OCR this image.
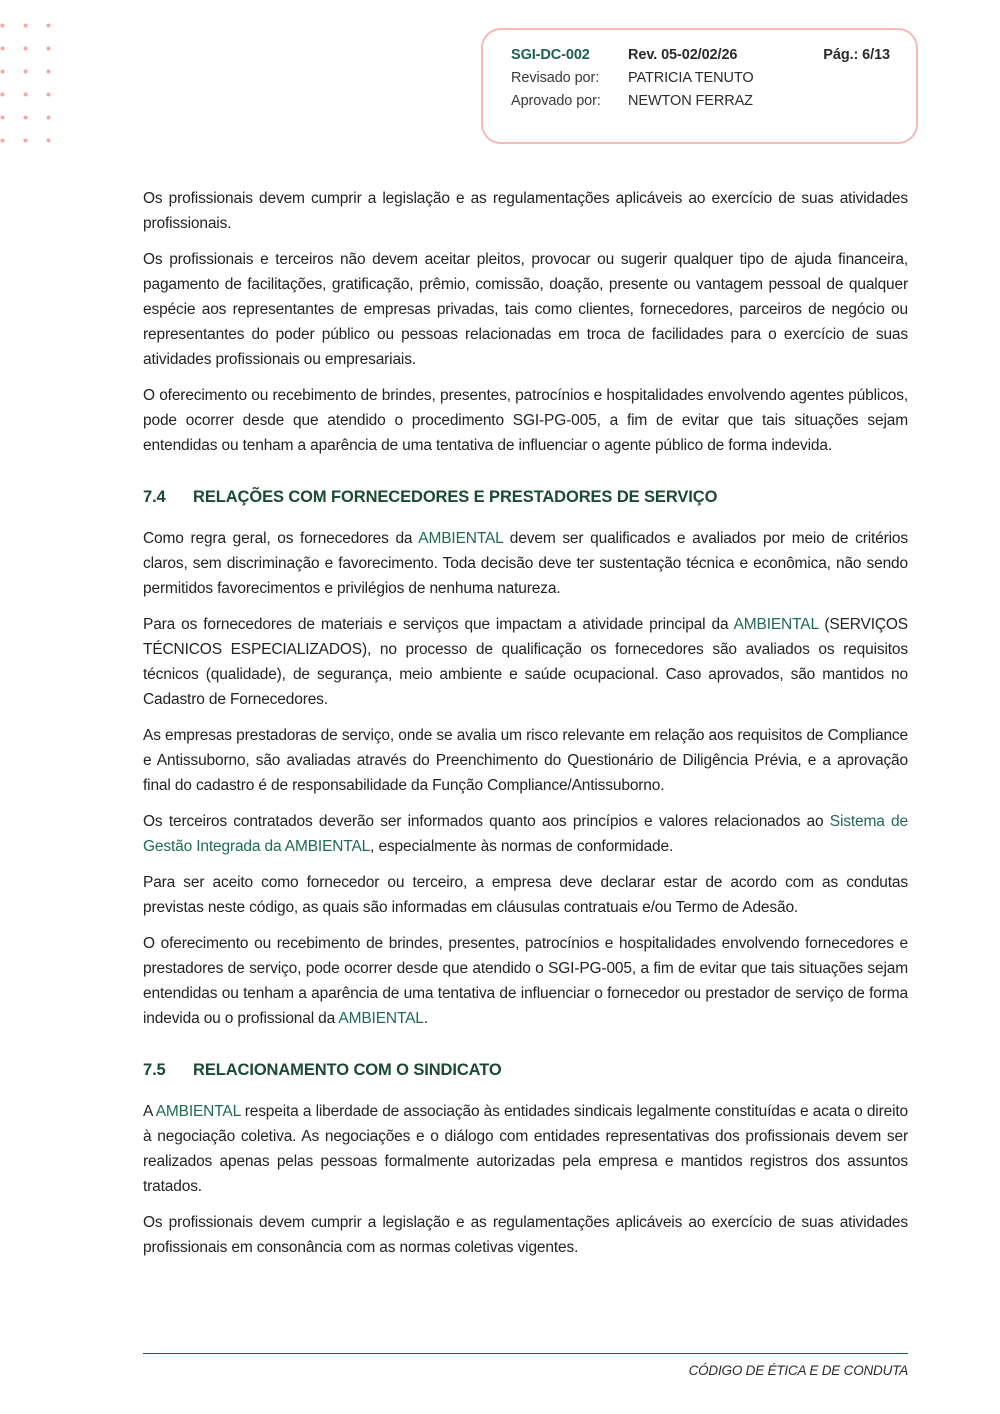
SGI-DC-002	Rev. 05-02/02/26	Pág.: 6/13
Revisado por:	PATRICIA TENUTO
Aprovado por:	NEWTON FERRAZ

Os profissionais devem cumprir a legislação e as regulamentações aplicáveis ao exercício de suas atividades profissionais.

Os profissionais e terceiros não devem aceitar pleitos, provocar ou sugerir qualquer tipo de ajuda financeira, pagamento de facilitações, gratificação, prêmio, comissão, doação, presente ou vantagem pessoal de qualquer espécie aos representantes de empresas privadas, tais como clientes, fornecedores, parceiros de negócio ou representantes do poder público ou pessoas relacionadas em troca de facilidades para o exercício de suas atividades profissionais ou empresariais.

O oferecimento ou recebimento de brindes, presentes, patrocínios e hospitalidades envolvendo agentes públicos, pode ocorrer desde que atendido o procedimento SGI-PG-005, a fim de evitar que tais situações sejam entendidas ou tenham a aparência de uma tentativa de influenciar o agente público de forma indevida.

7.4	RELAÇÕES COM FORNECEDORES E PRESTADORES DE SERVIÇO

Como regra geral, os fornecedores da AMBIENTAL devem ser qualificados e avaliados por meio de critérios claros, sem discriminação e favorecimento. Toda decisão deve ter sustentação técnica e econômica, não sendo permitidos favorecimentos e privilégios de nenhuma natureza.

Para os fornecedores de materiais e serviços que impactam a atividade principal da AMBIENTAL (SERVIÇOS TÉCNICOS ESPECIALIZADOS), no processo de qualificação os fornecedores são avaliados os requisitos técnicos (qualidade), de segurança, meio ambiente e saúde ocupacional. Caso aprovados, são mantidos no Cadastro de Fornecedores.

As empresas prestadoras de serviço, onde se avalia um risco relevante em relação aos requisitos de Compliance e Antissuborno, são avaliadas através do Preenchimento do Questionário de Diligência Prévia, e a aprovação final do cadastro é de responsabilidade da Função Compliance/Antissuborno.

Os terceiros contratados deverão ser informados quanto aos princípios e valores relacionados ao Sistema de Gestão Integrada da AMBIENTAL, especialmente às normas de conformidade.

Para ser aceito como fornecedor ou terceiro, a empresa deve declarar estar de acordo com as condutas previstas neste código, as quais são informadas em cláusulas contratuais e/ou Termo de Adesão.

O oferecimento ou recebimento de brindes, presentes, patrocínios e hospitalidades envolvendo fornecedores e prestadores de serviço, pode ocorrer desde que atendido o SGI-PG-005, a fim de evitar que tais situações sejam entendidas ou tenham a aparência de uma tentativa de influenciar o fornecedor ou prestador de serviço de forma indevida ou o profissional da AMBIENTAL.

7.5	RELACIONAMENTO COM O SINDICATO

A AMBIENTAL respeita a liberdade de associação às entidades sindicais legalmente constituídas e acata o direito à negociação coletiva. As negociações e o diálogo com entidades representativas dos profissionais devem ser realizados apenas pelas pessoas formalmente autorizadas pela empresa e mantidos registros dos assuntos tratados.

Os profissionais devem cumprir a legislação e as regulamentações aplicáveis ao exercício de suas atividades profissionais em consonância com as normas coletivas vigentes.

CÓDIGO DE ÉTICA E DE CONDUTA
